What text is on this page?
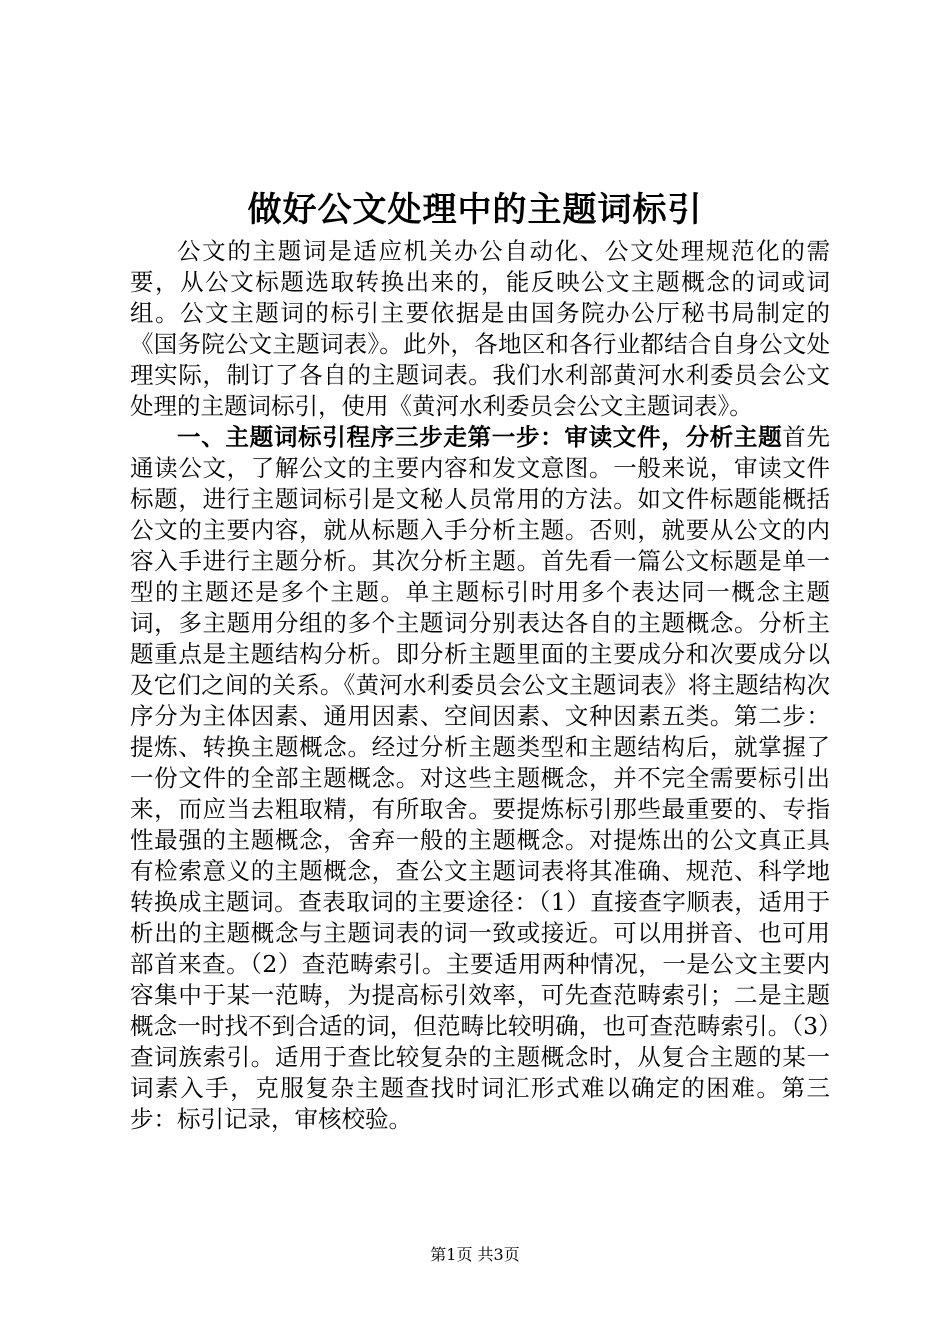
做好公文处理中的主题词标引

公文的主题词是适应机关办公自动化、公文处理规范化的需要，从公文标题选取转换出来的，能反映公文主题概念的词或词组。公文主题词的标引主要依据是由国务院办公厅秘书局制定的《国务院公文主题词表》。此外，各地区和各行业都结合自身公文处理实际，制订了各自的主题词表。我们水利部黄河水利委员会公文处理的主题词标引，使用《黄河水利委员会公文主题词表》。

一、主题词标引程序三步走第一步：审读文件，分析主题首先通读公文，了解公文的主要内容和发文意图。一般来说，审读文件标题，进行主题词标引是文秘人员常用的方法。如文件标题能概括公文的主要内容，就从标题入手分析主题。否则，就要从公文的内容入手进行主题分析。其次分析主题。首先看一篇公文标题是单一型的主题还是多个主题。单主题标引时用多个表达同一概念主题词，多主题用分组的多个主题词分别表达各自的主题概念。分析主题重点是主题结构分析。即分析主题里面的主要成分和次要成分以及它们之间的关系。《黄河水利委员会公文主题词表》将主题结构次序分为主体因素、通用因素、空间因素、文种因素五类。第二步：提炼、转换主题概念。经过分析主题类型和主题结构后，就掌握了一份文件的全部主题概念。对这些主题概念，并不完全需要标引出来，而应当去粗取精，有所取舍。要提炼标引那些最重要的、专指性最强的主题概念，舍弃一般的主题概念。对提炼出的公文真正具有检索意义的主题概念，查公文主题词表将其准确、规范、科学地转换成主题词。查表取词的主要途径：（1）直接查字顺表，适用于析出的主题概念与主题词表的词一致或接近。可以用拼音、也可用部首来查。（2）查范畴索引。主要适用两种情况，一是公文主要内容集中于某一范畴，为提高标引效率，可先查范畴索引；二是主题概念一时找不到合适的词，但范畴比较明确，也可查范畴索引。（3）查词族索引。适用于查比较复杂的主题概念时，从复合主题的某一词素入手，克服复杂主题查找时词汇形式难以确定的困难。第三步：标引记录，审核校验。

第1页 共3页
